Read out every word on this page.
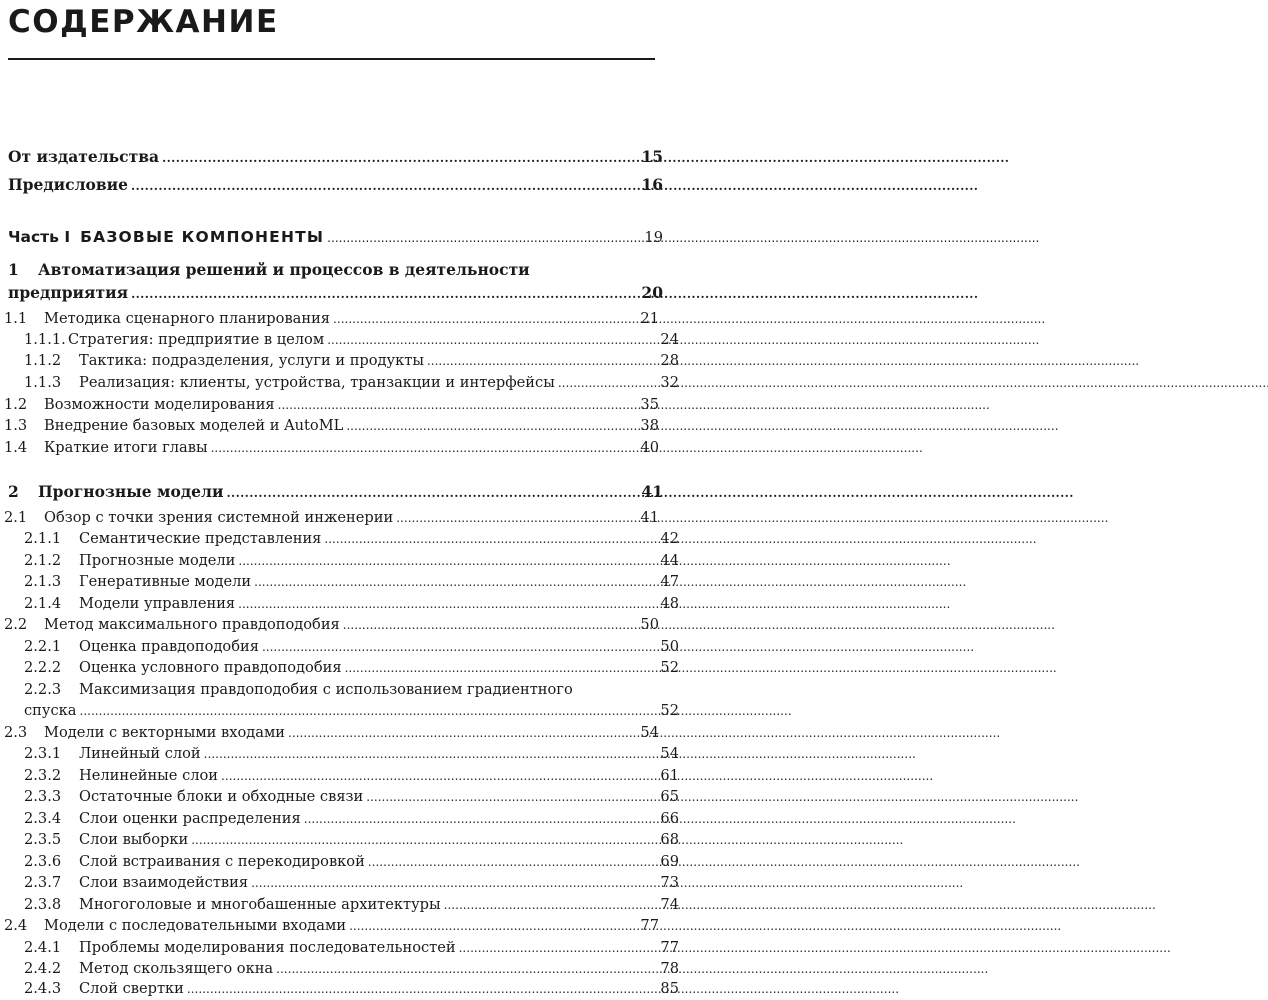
СОДЕРЖАНИЕ
От издательства . . .	15
Предисловие . . .	16
Часть I БАЗОВЫЕ КОМПОНЕНТЫ . . .	19
1	Автоматизация решений и процессов в деятельности
предприятия . . .	20
1.1	Методика сценарного планирования . . .	21
1.1.1. Стратегия: предприятие в целом . . .	24
1.1.2	Тактика: подразделения, услуги и продукты . . .	28
1.1.3	Реализация: клиенты, устройства, транзакции и интерфейсы . . .	32
1.2	Возможности моделирования . . .	35
1.3	Внедрение базовых моделей и AutoML . . .	38
1.4	Краткие итоги главы . . .	40
2	Прогнозные модели . . .	41
2.1	Обзор с точки зрения системной инженерии . . .	41
2.1.1	Семантические представления . . .	42
2.1.2	Прогнозные модели . . .	44
2.1.3	Генеративные модели . . .	47
2.1.4	Модели управления . . .	48
2.2	Метод максимального правдоподобия . . .	50
2.2.1	Оценка правдоподобия . . .	50
2.2.2	Оценка условного правдоподобия . . .	52
2.2.3	Максимизация правдоподобия с использованием градиентного
спуска . . .	52
2.3	Модели с векторными входами . . .	54
2.3.1	Линейный слой . . .	54
2.3.2	Нелинейные слои . . .	61
2.3.3	Остаточные блоки и обходные связи . . .	65
2.3.4	Слои оценки распределения . . .	66
2.3.5	Слои выборки . . .	68
2.3.6	Слой встраивания с перекодировкой . . .	69
2.3.7	Слои взаимодействия . . .	73
2.3.8	Многоголовые и многобашенные архитектуры . . .	74
2.4	Модели с последовательными входами . . .	77
2.4.1	Проблемы моделирования последовательностей . . .	77
2.4.2	Метод скользящего окна . . .	78
2.4.3	Слой свертки . . .	85
